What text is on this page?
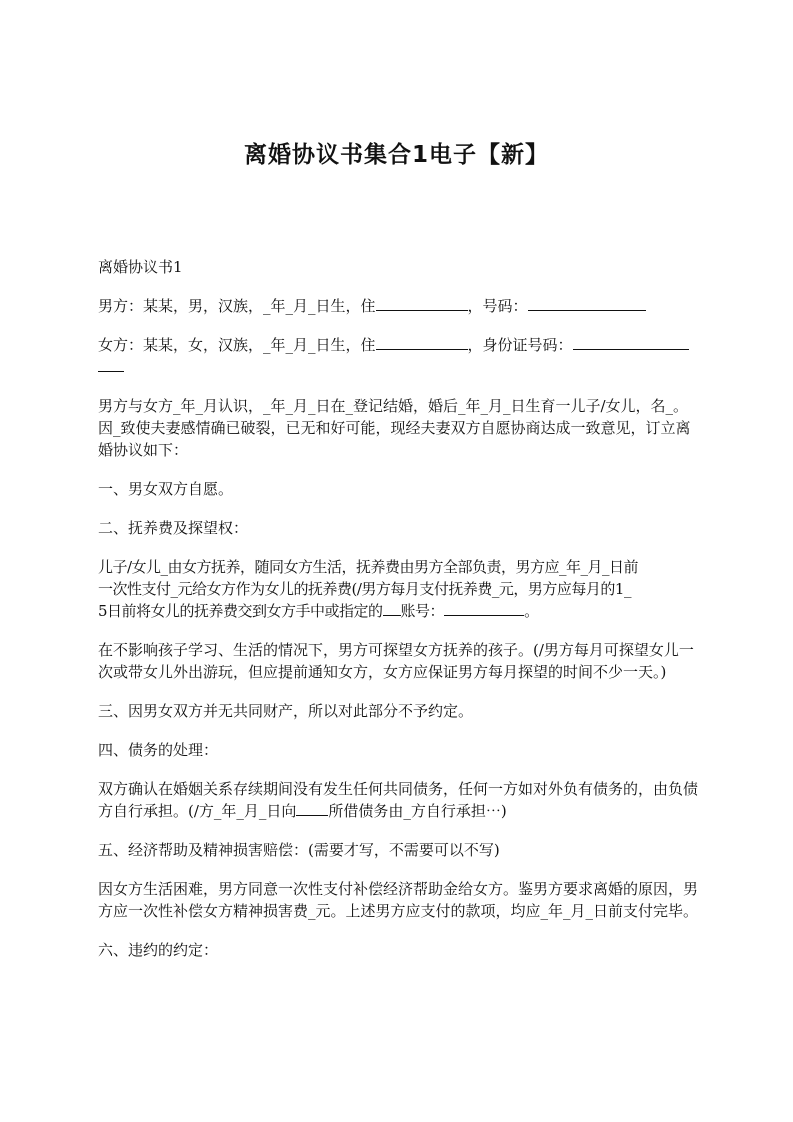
离婚协议书集合1电子【新】

离婚协议书1

男方：某某，男，汉族，_年_月_日生，住	，号码：

女方：某某，女，汉族，_年_月_日生，住	，身份证号码：

男方与女方_年_月认识，_年_月_日在_登记结婚，婚后_年_月_日生育一儿子/女儿，名_。因_致使夫妻感情确已破裂，已无和好可能，现经夫妻双方自愿协商达成一致意见，订立离婚协议如下：

一、男女双方自愿。

二、抚养费及探望权：

儿子/女儿_由女方抚养，随同女方生活，抚养费由男方全部负责，男方应_年_月_日前
一次性支付_元给女方作为女儿的抚养费(/男方每月支付抚养费_元，男方应每月的1_
5日前将女儿的抚养费交到女方手中或指定的 账号：	。

在不影响孩子学习、生活的情况下，男方可探望女方抚养的孩子。(/男方每月可探望女儿一次或带女儿外出游玩，但应提前通知女方，女方应保证男方每月探望的时间不少一天。)

三、因男女双方并无共同财产，所以对此部分不予约定。

四、债务的处理：

双方确认在婚姻关系存续期间没有发生任何共同债务，任何一方如对外负有债务的，由负债方自行承担。(/方_年_月_日向 所借债务由_方自行承担⋯)

五、经济帮助及精神损害赔偿：(需要才写，不需要可以不写)

因女方生活困难，男方同意一次性支付补偿经济帮助金给女方。鉴男方要求离婚的原因，男方应一次性补偿女方精神损害费_元。上述男方应支付的款项，均应_年_月_日前支付完毕。

六、违约的约定：
